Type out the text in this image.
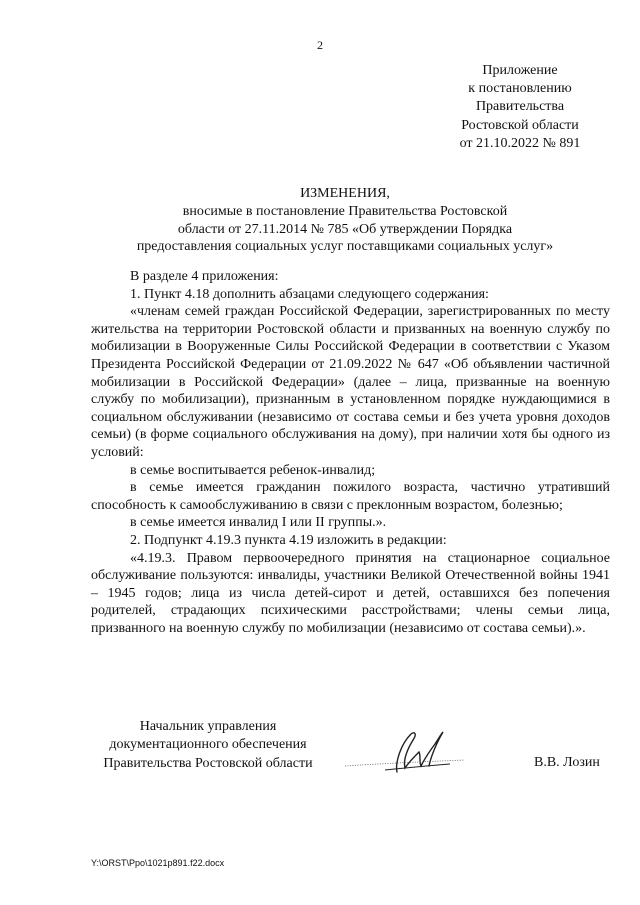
2
Приложение
к постановлению
Правительства
Ростовской области
от 21.10.2022 № 891
ИЗМЕНЕНИЯ,
вносимые в постановление Правительства Ростовской
области от 27.11.2014 № 785 «Об утверждении Порядка
предоставления социальных услуг поставщиками социальных услуг»

В разделе 4 приложения:

1. Пункт 4.18 дополнить абзацами следующего содержания:

«членам семей граждан Российской Федерации, зарегистрированных по месту жительства на территории Ростовской области и призванных на военную службу по мобилизации в Вооруженные Силы Российской Федерации в соответствии с Указом Президента Российской Федерации от 21.09.2022 № 647 «Об объявлении частичной мобилизации в Российской Федерации» (далее – лица, призванные на военную службу по мобилизации), признанным в установленном порядке нуждающимися в социальном обслуживании (независимо от состава семьи и без учета уровня доходов семьи) (в форме социального обслуживания на дому), при наличии хотя бы одного из условий:

в семье воспитывается ребенок-инвалид;

в семье имеется гражданин пожилого возраста, частично утративший способность к самообслуживанию в связи с преклонным возрастом, болезнью;

в семье имеется инвалид I или II группы.».

2. Подпункт 4.19.3 пункта 4.19 изложить в редакции:

«4.19.3. Правом первоочередного принятия на стационарное социальное обслуживание пользуются: инвалиды, участники Великой Отечественной войны 1941 – 1945 годов; лица из числа детей-сирот и детей, оставшихся без попечения родителей, страдающих психическими расстройствами; члены семьи лица, призванного на военную службу по мобилизации (независимо от состава семьи).».

Начальник управления
документационного обеспечения
Правительства Ростовской области	В.В. Лозин
Y:\ORST\Ppo\1021p891.f22.docx
